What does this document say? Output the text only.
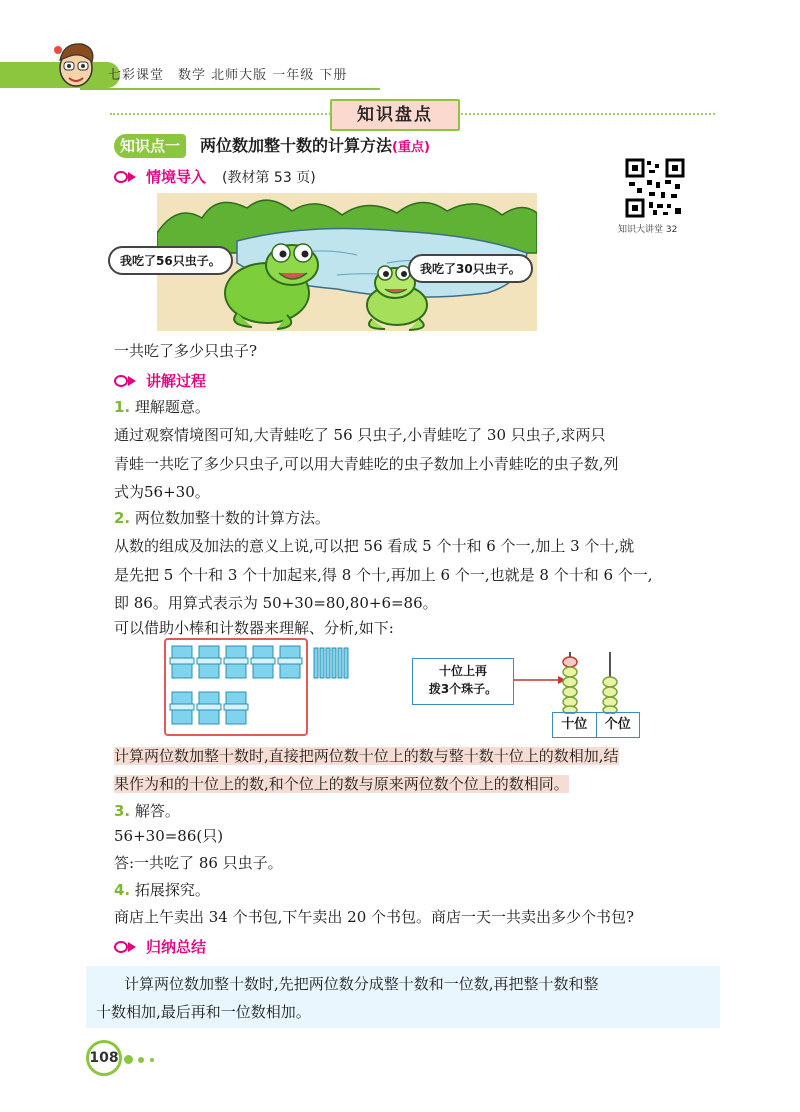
七彩课堂　数学 北师大版 一年级 下册
知识盘点
知识点一	两位数加整十数的计算方法(重点)
情境导入 (教材第 53 页)
知识大讲堂 32
我吃了56只虫子。
我吃了30只虫子。
一共吃了多少只虫子?
讲解过程
1. 理解题意。
通过观察情境图可知,大青蛙吃了 56 只虫子,小青蛙吃了 30 只虫子,求两只
青蛙一共吃了多少只虫子,可以用大青蛙吃的虫子数加上小青蛙吃的虫子数,列
式为56+30。
2. 两位数加整十数的计算方法。
从数的组成及加法的意义上说,可以把 56 看成 5 个十和 6 个一,加上 3 个十,就
是先把 5 个十和 3 个十加起来,得 8 个十,再加上 6 个一,也就是 8 个十和 6 个一,
即 86。用算式表示为 50+30=80,80+6=86。
可以借助小棒和计数器来理解、分析,如下:
十位上再
拨3个珠子。
十位	个位
计算两位数加整十数时,直接把两位数十位上的数与整十数十位上的数相加,结
果作为和的十位上的数,和个位上的数与原来两位数个位上的数相同。
3. 解答。
56+30=86(只)
答:一共吃了 86 只虫子。
4. 拓展探究。
商店上午卖出 34 个书包,下午卖出 20 个书包。商店一天一共卖出多少个书包?
归纳总结
计算两位数加整十数时,先把两位数分成整十数和一位数,再把整十数和整
十数相加,最后再和一位数相加。
108
